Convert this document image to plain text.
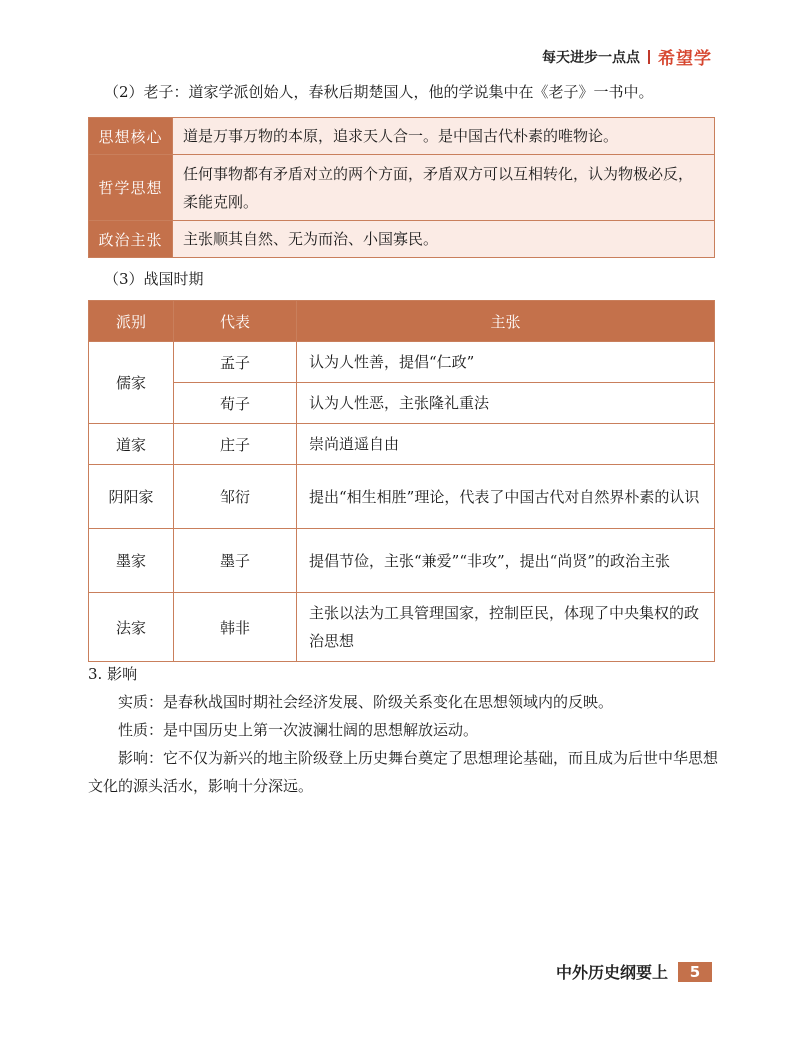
每天进步一点点 希望学
（2）老子：道家学派创始人，春秋后期楚国人，他的学说集中在《老子》一书中。
思想核心	道是万事万物的本原，追求天人合一。是中国古代朴素的唯物论。
哲学思想	任何事物都有矛盾对立的两个方面，矛盾双方可以互相转化，认为物极必反，柔能克刚。
政治主张	主张顺其自然、无为而治、小国寡民。
（3）战国时期
派别	代表	主张
儒家	孟子	认为人性善，提倡“仁政”
	荀子	认为人性恶，主张隆礼重法
道家	庄子	崇尚逍遥自由
阴阳家	邹衍	提出“相生相胜”理论，代表了中国古代对自然界朴素的认识
墨家	墨子	提倡节俭，主张“兼爱”“非攻”，提出“尚贤”的政治主张
法家	韩非	主张以法为工具管理国家，控制臣民，体现了中央集权的政治思想
3. 影响

实质：是春秋战国时期社会经济发展、阶级关系变化在思想领域内的反映。

性质：是中国历史上第一次波澜壮阔的思想解放运动。

影响：它不仅为新兴的地主阶级登上历史舞台奠定了思想理论基础，而且成为后世中华思想文化的源头活水，影响十分深远。

中外历史纲要上	5
